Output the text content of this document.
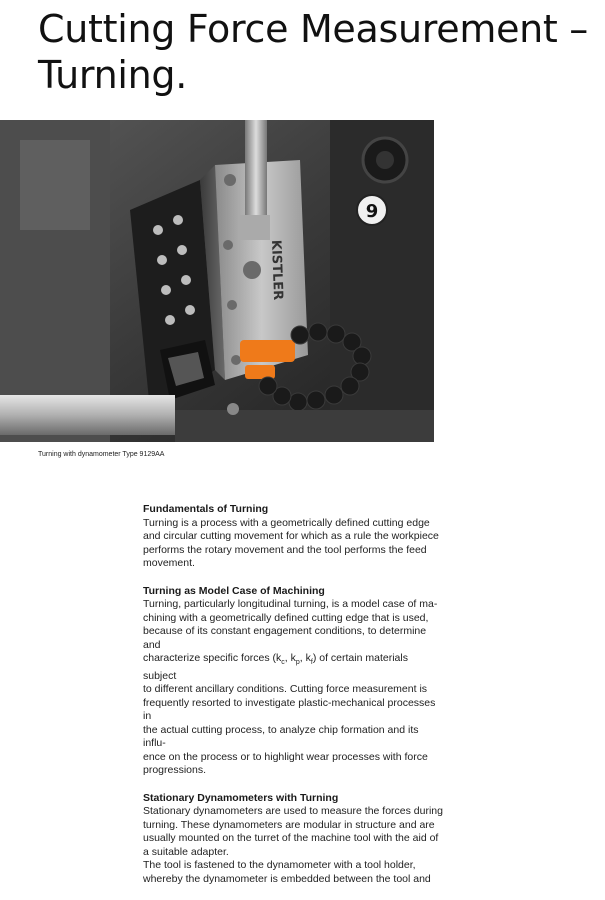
Cutting Force Measurement –
Turning.
9
KISTLER

Turning with dynamometer Type 9129AA

Fundamentals of Turning

Turning is a process with a geometrically defined cutting edge
and circular cutting movement for which as a rule the workpiece
performs the rotary movement and the tool performs the feed
movement.

Turning as Model Case of Machining

Turning, particularly longitudinal turning, is a model case of ma-
chining with a geometrically defined cutting edge that is used,
because of its constant engagement conditions, to determine and
characterize specific forces ($k_c$, $k_p$, $k_f$) of certain materials subject
to different ancillary conditions. Cutting force measurement is
frequently resorted to investigate plastic-mechanical processes in
the actual cutting process, to analyze chip formation and its influ-
ence on the process or to highlight wear processes with force
progressions.

Stationary Dynamometers with Turning

Stationary dynamometers are used to measure the forces during
turning. These dynamometers are modular in structure and are
usually mounted on the turret of the machine tool with the aid of
a suitable adapter.
The tool is fastened to the dynamometer with a tool holder,
whereby the dynamometer is embedded between the tool and
